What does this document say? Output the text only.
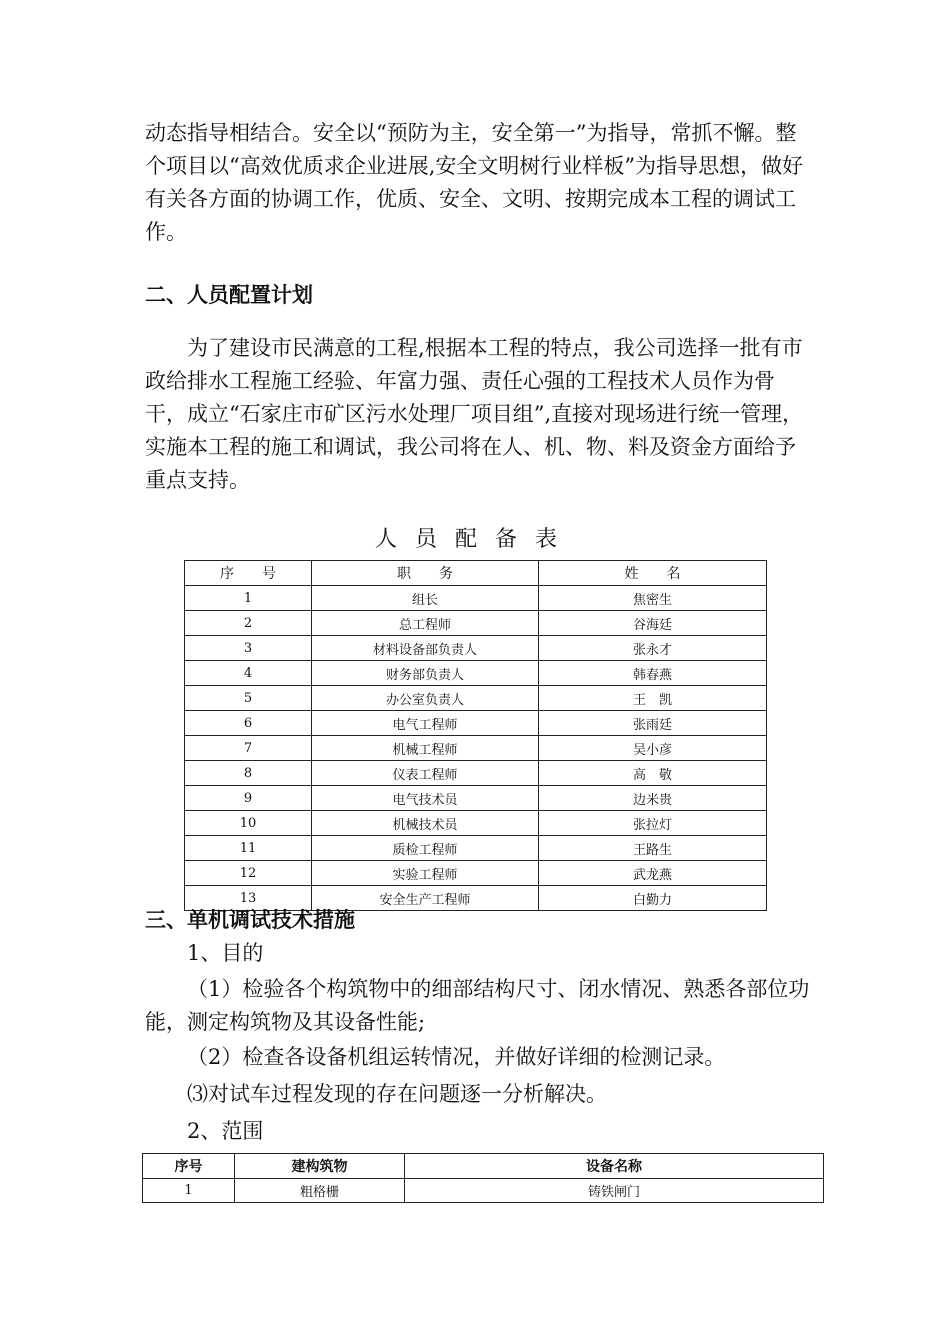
动态指导相结合。安全以“预防为主，安全第一”为指导，常抓不懈。整个项目以“高效优质求企业进展,安全文明树行业样板”为指导思想，做好有关各方面的协调工作，优质、安全、文明、按期完成本工程的调试工作。

二、人员配置计划

为了建设市民满意的工程,根据本工程的特点，我公司选择一批有市政给排水工程施工经验、年富力强、责任心强的工程技术人员作为骨干，成立“石家庄市矿区污水处理厂项目组”,直接对现场进行统一管理，实施本工程的施工和调试，我公司将在人、机、物、料及资金方面给予重点支持。

人员配备表
序　　号	职　　务	姓　　名
1	组长	焦密生
2	总工程师	谷海廷
3	材料设备部负责人	张永才
4	财务部负责人	韩春燕
5	办公室负责人	王　凯
6	电气工程师	张雨廷
7	机械工程师	吴小彦
8	仪表工程师	高　敬
9	电气技术员	边米贵
10	机械技术员	张拉灯
11	质检工程师	王路生
12	实验工程师	武龙燕
13	安全生产工程师	白勤力
三、单机调试技术措施
1、目的

（1）检验各个构筑物中的细部结构尺寸、闭水情况、熟悉各部位功能，测定构筑物及其设备性能;

（2）检查各设备机组运转情况，并做好详细的检测记录。
⑶对试车过程发现的存在问题逐一分析解决。
2、范围
序号	建构筑物	设备名称
1	粗格栅	铸铁闸门
